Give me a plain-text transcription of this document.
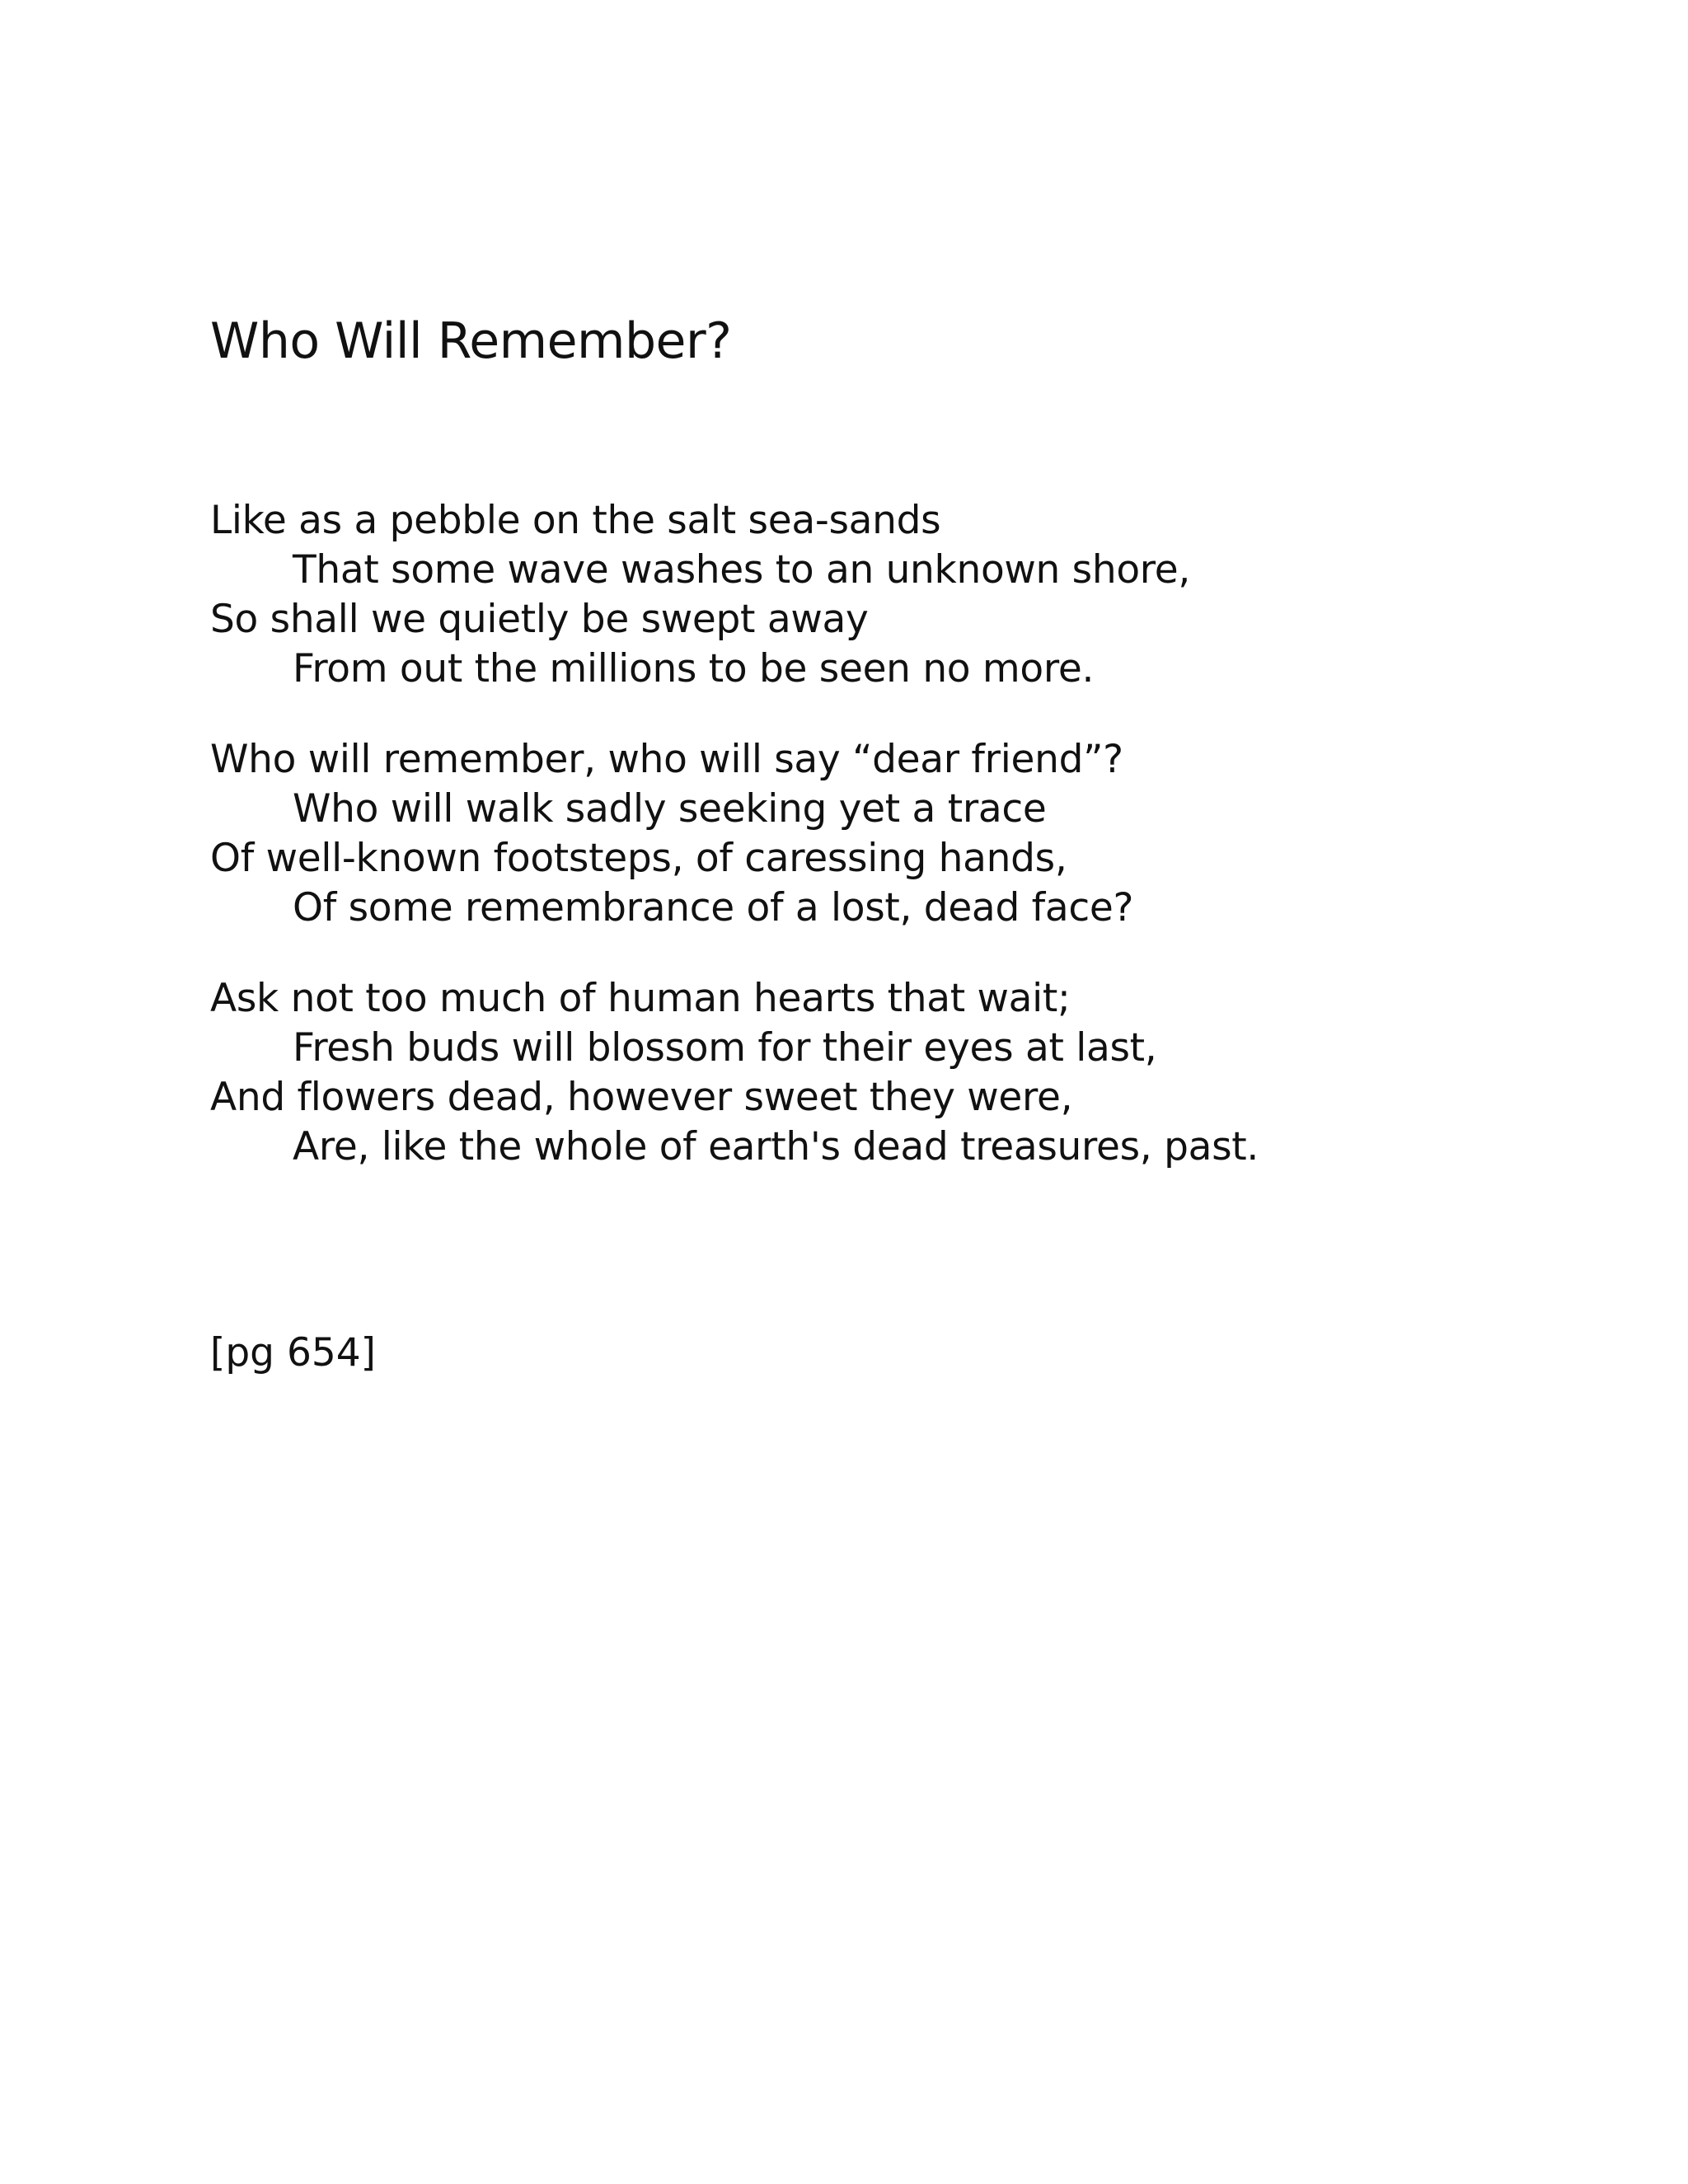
Who Will Remember?
Like as a pebble on the salt sea-sands
That some wave washes to an unknown shore,
So shall we quietly be swept away
From out the millions to be seen no more.
Who will remember, who will say “dear friend”?
Who will walk sadly seeking yet a trace
Of well-known footsteps, of caressing hands,
Of some remembrance of a lost, dead face?
Ask not too much of human hearts that wait;
Fresh buds will blossom for their eyes at last,
And flowers dead, however sweet they were,
Are, like the whole of earth's dead treasures, past.
[pg 654]
